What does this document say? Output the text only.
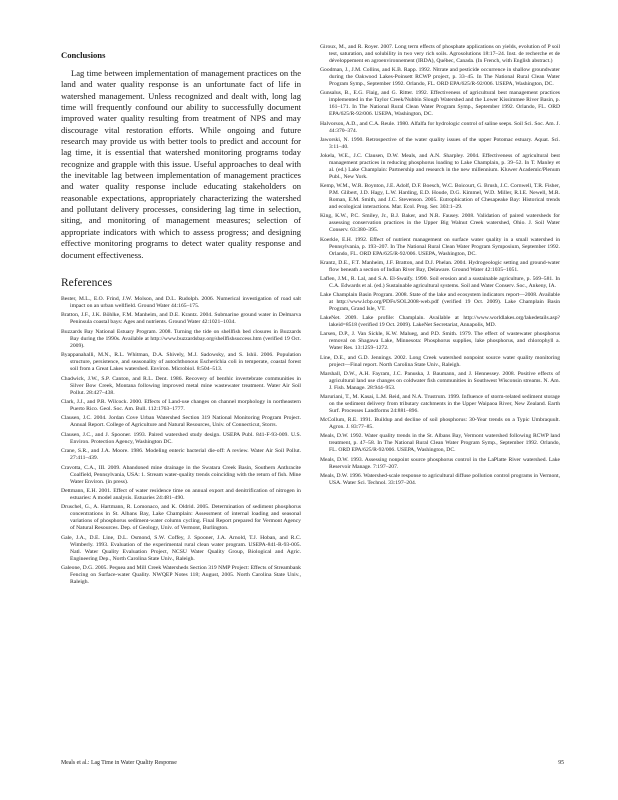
Conclusions

Lag time between implementation of management practices on the land and water quality response is an unfortunate fact of life in watershed management. Unless recognized and dealt with, long lag time will frequently confound our ability to successfully document improved water quality resulting from treatment of NPS and may discourage vital restoration efforts. While ongoing and future research may provide us with better tools to predict and account for lag time, it is essential that watershed monitoring programs today recognize and grapple with this issue. Useful approaches to deal with the inevitable lag between implementation of management practices and water quality response include educating stakeholders on reasonable expectations, appropriately characterizing the watershed and pollutant delivery processes, considering lag time in selection, siting, and monitoring of management measures; selection of appropriate indicators with which to assess progress; and designing effective monitoring programs to detect water quality response and document effectiveness.

References
Bester, M.L., E.O. Frind, J.W. Molson, and D.L. Rudolph. 2006. Numerical investigation of road salt impact on an urban wellfield. Ground Water 44:165–175.
Bratton, J.F., J.K. Böhlke, F.M. Manheim, and D.E. Krantz. 2004. Submarine ground water in Delmarva Peninsula coastal bays: Ages and nutrients. Ground Water 42:1021–1034.
Buzzards Bay National Estuary Program. 2008. Turning the tide on shellfish bed closures in Buzzards Bay during the 1990s. Available at http://www.buzzardsbay.org/shellfishsuccess.htm (verified 19 Oct. 2009).
Byappanahalli, M.N., R.L. Whitman, D.A. Shively, M.J. Sadowsky, and S. Ishii. 2006. Population structure, persistence, and seasonality of autochthonous Escherichia coli in temperate, coastal forest soil from a Great Lakes watershed. Environ. Microbiol. 8:504–513.
Chadwick, J.W., S.P. Canton, and R.L. Dent. 1986. Recovery of benthic invertebrate communities in Silver Bow Creek, Montana following improved metal mine wastewater treatment. Water Air Soil Pollut. 28:427–438.
Clark, J.J., and P.R. Wilcock. 2000. Effects of Land-use changes on channel morphology in northeastern Puerto Rico. Geol. Soc. Am. Bull. 112:1763–1777.
Clausen, J.C. 2004. Jordan Cove Urban Watershed Section 319 National Monitoring Program Project. Annual Report. College of Agriculture and Natural Resources, Univ. of Connecticut, Storrs.
Clausen, J.C., and J. Spooner. 1993. Paired watershed study design. USEPA Publ. 841-F-93-009. U.S. Environ. Protection Agency, Washington DC.
Crane, S.R., and J.A. Moore. 1986. Modeling enteric bacterial die-off: A review. Water Air Soil Pollut. 27:411–439.
Cravotta, C.A., III. 2009. Abandoned mine drainage in the Swatara Creek Basin, Southern Anthracite Coalfield, Pennsylvania, USA: 1. Stream water-quality trends coinciding with the return of fish. Mine Water Environ. (in press).
Dettmann, E.H. 2001. Effect of water residence time on annual export and denitrification of nitrogen in estuaries: A model analysis. Estuaries 24:481–490.
Druschel, G., A. Hartmann, R. Lomonaco, and K. Oldrid. 2005. Determination of sediment phosphorus concentrations in St. Albans Bay, Lake Champlain: Assessment of internal loading and seasonal variations of phosphorus sediment-water column cycling. Final Report prepared for Vermont Agency of Natural Resources. Dep. of Geology, Univ. of Vermont, Burlington.
Gale, J.A., D.E. Line, D.L. Osmond, S.W. Coffey, J. Spooner, J.A. Arnold, T.J. Hoban, and R.C. Wimberly. 1993. Evaluation of the experimental rural clean water program. USEPA-841-R-93-005. Natl. Water Quality Evaluation Project, NCSU Water Quality Group, Biological and Agric. Engineering Dep., North Carolina State Univ., Raleigh.
Galeone, D.G. 2005. Pequea and Mill Creek Watersheds Section 319 NMP Project: Effects of Streambank Fencing on Surface-water Quality. NWQEP Notes 118; August, 2005. North Carolina State Univ., Raleigh.
Giroux, M., and R. Royer. 2007. Long term effects of phosphate applications on yields, evolution of P soil test, saturation, and solubility in two very rich soils. Agrosolutions 18:17–24. Inst. de recherche et de développement en agroenvironnement (IRDA), Québec, Canada. (In French, with English abstract.)
Goodman, J., J.M. Collins, and K.B. Rapp. 1992. Nitrate and pesticide occurrence in shallow groundwater during the Oakwood Lakes-Poinsett RCWP project, p. 33–45. In The National Rural Clean Water Program Symp., September 1992. Orlando, FL. ORD EPA/625/R-92/006. USEPA, Washington, DC.
Gunsalus, B., E.G. Flaig, and G. Ritter. 1992. Effectiveness of agricultural best management practices implemented in the Taylor Creek/Nubbin Slough Watershed and the Lower Kissimmee River Basin, p. 161–171. In The National Rural Clean Water Program Symp., September 1992. Orlando, FL. ORD EPA/625/R-92/006. USEPA, Washington, DC.
Halvorson, A.D., and C.A. Reule. 1980. Alfalfa for hydrologic control of saline seeps. Soil Sci. Soc. Am. J. 44:370–374.
Jaworski, N. 1990. Retrospective of the water quality issues of the upper Potomac estuary. Aquat. Sci. 3:11–40.
Jokela, W.E., J.C. Clausen, D.W. Meals, and A.N. Sharpley. 2004. Effectiveness of agricultural best management practices in reducing phosphorus loading to Lake Champlain, p. 39–52. In T. Manley et al. (ed.) Lake Champlain: Partnership and research in the new millennium. Kluwer Academic/Plenum Publ., New York.
Kemp, W.M., W.R. Boynton, J.E. Adolf, D.F. Boesch, W.C. Boicourt, G. Brush, J.C. Cornwell, T.R. Fisher, P.M. Glibert, J.D. Hagy, L.W. Harding, E.D. Houde, D.G. Kimmel, W.D. Miller, R.I.E. Newell, M.R. Roman, E.M. Smith, and J.C. Stevenson. 2005. Eutrophication of Chesapeake Bay: Historical trends and ecological interactions. Mar. Ecol. Prog. Ser. 303:1–29.
King, K.W., P.C. Smiley, Jr., B.J. Baker, and N.R. Fausey. 2008. Validation of paired watersheds for assessing conservation practices in the Upper Big Walnut Creek watershed, Ohio. J. Soil Water Conserv. 63:380–395.
Koerkle, E.H. 1992. Effect of nutrient management on surface water quality in a small watershed in Pennsylvania, p. 193–207. In The National Rural Clean Water Program Symposium, September 1992. Orlando, FL. ORD EPA/625/R-92/006. USEPA, Washington, DC.
Krantz, D.E., F.T. Manheim, J.F. Bratton, and D.J. Phelan. 2004. Hydrogeologic setting and ground-water flow beneath a section of Indian River Bay, Delaware. Ground Water 42:1035–1051.
Laflen, J.M., R. Lal, and S.A. El-Swaify. 1990. Soil erosion and a sustainable agriculture, p. 569–581. In C.A. Edwards et al. (ed.) Sustainable agricultural systems. Soil and Water Conserv. Soc., Ankeny, IA.
Lake Champlain Basin Program. 2008. State of the lake and ecosystem indicators report—2008. Available at http://www.lcbp.org/PDFs/SOL2008-web.pdf (verified 19 Oct. 2009). Lake Champlain Basin Program, Grand Isle, VT.
LakeNet. 2009. Lake profile: Champlain. Available at http://www.worldlakes.org/lakedetails.asp?lakeid=8518 (verified 19 Oct. 2009). LakeNet Secretariat, Annapolis, MD.
Larsen, D.P., J. Van Sickle, K.W. Malueg, and P.D. Smith. 1979. The effect of wastewater phosphorus removal on Shagawa Lake, Minnesota: Phosphorus supplies, lake phosphorus, and chlorophyll a. Water Res. 13:1259–1272.
Line, D.E., and G.D. Jennings. 2002. Long Creek watershed nonpoint source water quality monitoring project—Final report. North Carolina State Univ., Raleigh.
Marshall, D.W., A.H. Fayram, J.C. Panuska, J. Baumann, and J. Hennessey. 2008. Positive effects of agricultural land use changes on coldwater fish communities in Southwest Wisconsin streams. N. Am. J. Fish. Manage. 28:944–953.
Maruriani, T., M. Kasai, L.M. Reid, and N.A. Trustrum. 1999. Influence of storm-related sediment storage on the sediment delivery from tributary catchments in the Upper Waipaoa River, New Zealand. Earth Surf. Processes Landforms 24:881–896.
McCollum, R.E. 1991. Buildup and decline of soil phosphorus: 30-Year trends on a Typic Umbraquult. Agron. J. 83:77–85.
Meals, D.W. 1992. Water quality trends in the St. Albans Bay, Vermont watershed following RCWP land treatment, p. 47–58. In The National Rural Clean Water Program Symp., September 1992. Orlando, FL. ORD EPA/625/R-92/006. USEPA, Washington, DC.
Meals, D.W. 1993. Assessing nonpoint source phosphorus control in the LaPlatte River watershed. Lake Reservoir Manage. 7:197–207.
Meals, D.W. 1996. Watershed-scale response to agricultural diffuse pollution control programs in Vermont, USA. Water Sci. Technol. 33:197–204.
Meals et al.: Lag Time in Water Quality Response	95
